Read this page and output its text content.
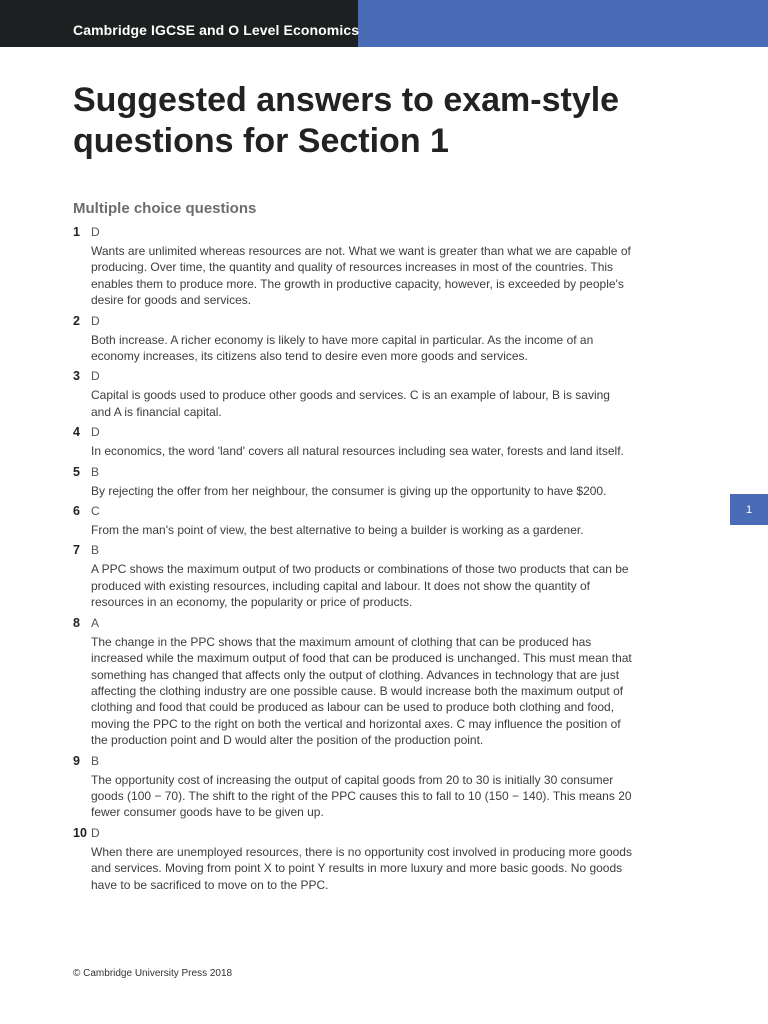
Cambridge IGCSE and O Level Economics
Suggested answers to exam-style questions for Section 1
Multiple choice questions
1 D
Wants are unlimited whereas resources are not. What we want is greater than what we are capable of producing. Over time, the quantity and quality of resources increases in most of the countries. This enables them to produce more. The growth in productive capacity, however, is exceeded by people's desire for goods and services.
2 D
Both increase. A richer economy is likely to have more capital in particular. As the income of an economy increases, its citizens also tend to desire even more goods and services.
3 D
Capital is goods used to produce other goods and services. C is an example of labour, B is saving and A is financial capital.
4 D
In economics, the word 'land' covers all natural resources including sea water, forests and land itself.
5 B
By rejecting the offer from her neighbour, the consumer is giving up the opportunity to have $200.
6 C
From the man's point of view, the best alternative to being a builder is working as a gardener.
7 B
A PPC shows the maximum output of two products or combinations of those two products that can be produced with existing resources, including capital and labour. It does not show the quantity of resources in an economy, the popularity or price of products.
8 A
The change in the PPC shows that the maximum amount of clothing that can be produced has increased while the maximum output of food that can be produced is unchanged. This must mean that something has changed that affects only the output of clothing. Advances in technology that are just affecting the clothing industry are one possible cause. B would increase both the maximum output of clothing and food that could be produced as labour can be used to produce both clothing and food, moving the PPC to the right on both the vertical and horizontal axes. C may influence the position of the production point and D would alter the position of the production point.
9 B
The opportunity cost of increasing the output of capital goods from 20 to 30 is initially 30 consumer goods (100 − 70). The shift to the right of the PPC causes this to fall to 10 (150 − 140). This means 20 fewer consumer goods have to be given up.
10 D
When there are unemployed resources, there is no opportunity cost involved in producing more goods and services. Moving from point X to point Y results in more luxury and more basic goods. No goods have to be sacrificed to move on to the PPC.
1
© Cambridge University Press 2018
